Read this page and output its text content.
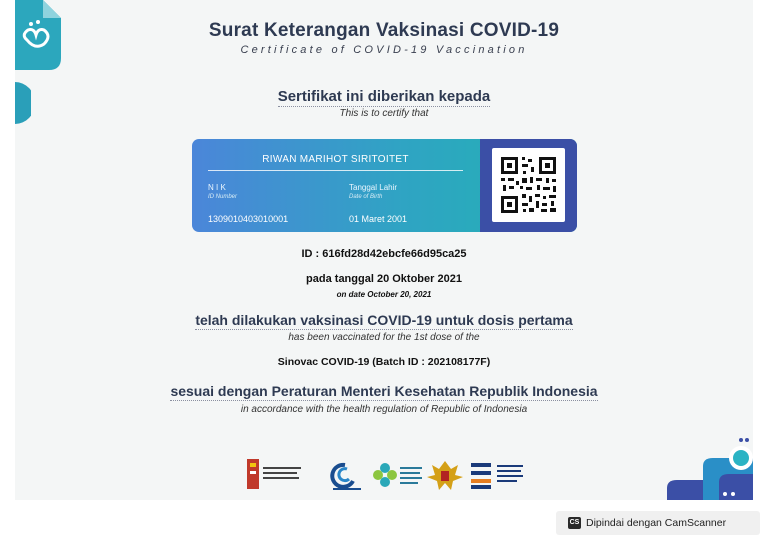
Surat Keterangan Vaksinasi COVID-19
Certificate of COVID-19 Vaccination
Sertifikat ini diberikan kepada
This is to certify that
RIWAN MARIHOT SIRITOITET
N I K
ID Number
1309010403010001
Tanggal Lahir
Date of Birth
01 Maret 2001
ID : 616fd28d42ebcfe66d95ca25
pada tanggal 20 Oktober 2021
on date October 20, 2021
telah dilakukan vaksinasi COVID-19 untuk dosis pertama
has been vaccinated for the 1st dose of the
Sinovac COVID-19 (Batch ID : 202108177F)
sesuai dengan Peraturan Menteri Kesehatan Republik Indonesia
in accordance with the health regulation of Republic of Indonesia
CS Dipindai dengan CamScanner
